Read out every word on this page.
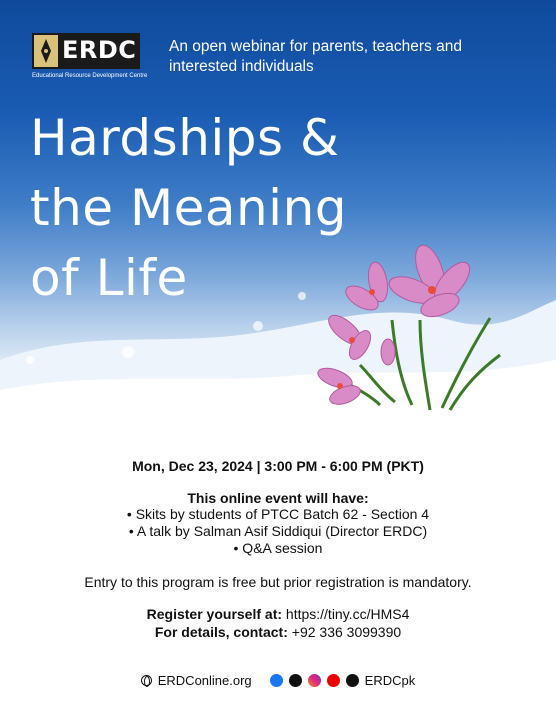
ERDC
Educational Resource Development Centre
An open webinar for parents, teachers and interested individuals
Hardships &
the Meaning
of Life
Mon, Dec 23, 2024 | 3:00 PM - 6:00 PM (PKT)
This online event will have:
• Skits by students of PTCC Batch 62 - Section 4
• A talk by Salman Asif Siddiqui (Director ERDC)
• Q&A session
Entry to this program is free but prior registration is mandatory.
Register yourself at: https://tiny.cc/HMS4
For details, contact: +92 336 3099390
ERDConline.org	ERDCpk
